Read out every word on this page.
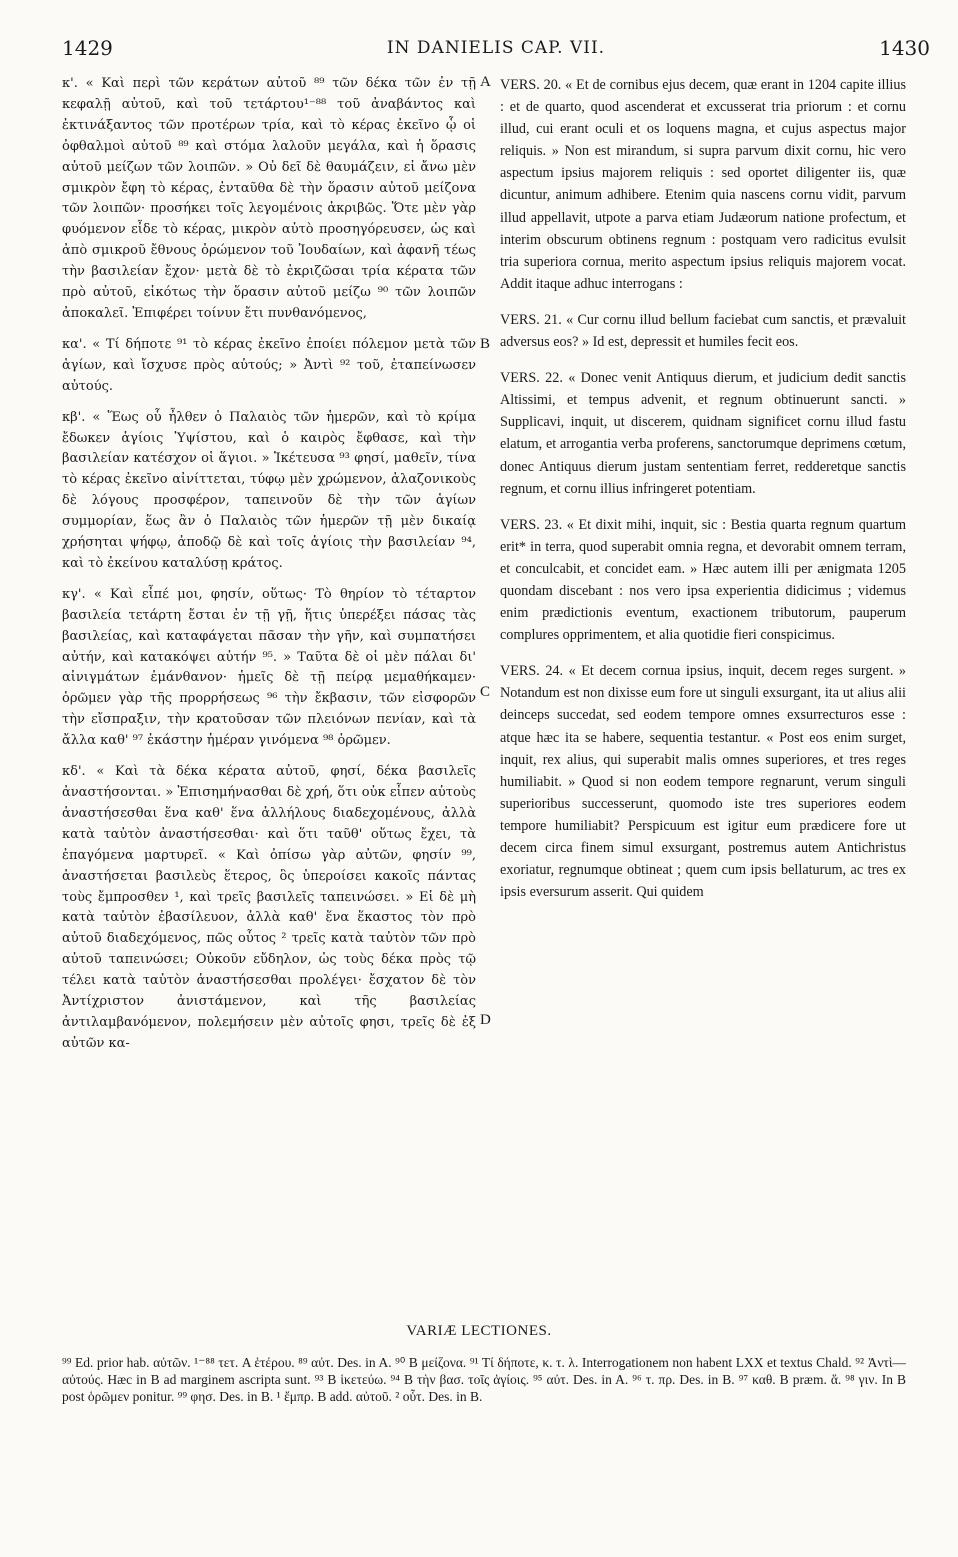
1429	IN DANIELIS CAP. VII.	1430

κ'. « Καὶ περὶ τῶν κεράτων αὐτοῦ ⁸⁹ τῶν δέκα τῶν ἐν τῇ κεφαλῇ αὐτοῦ, καὶ τοῦ τετάρτου¹⁻⁸⁸ τοῦ ἀναβάντος καὶ ἐκτινάξαντος τῶν προτέρων τρία, καὶ τὸ κέρας ἐκεῖνο ᾧ οἱ ὀφθαλμοὶ αὐτοῦ ⁸⁹ καὶ στόμα λαλοῦν μεγάλα, καὶ ἡ ὅρασις αὐτοῦ μείζων τῶν λοιπῶν. » Οὐ δεῖ δὲ θαυμάζειν, εἰ ἄνω μὲν σμικρὸν ἔφη τὸ κέρας, ἐνταῦθα δὲ τὴν ὅρασιν αὐτοῦ μείζονα τῶν λοιπῶν· προσήκει τοῖς λεγομένοις ἀκριβῶς. Ὅτε μὲν γὰρ φυόμενον εἶδε τὸ κέρας, μικρὸν αὐτὸ προσηγόρευσεν, ὡς καὶ ἀπὸ σμικροῦ ἔθνους ὁρώμενον τοῦ Ἰουδαίων, καὶ ἀφανῆ τέως τὴν βασιλείαν ἔχον· μετὰ δὲ τὸ ἐκριζῶσαι τρία κέρατα τῶν πρὸ αὐτοῦ, εἰκότως τὴν ὅρασιν αὐτοῦ μείζω ⁹⁰ τῶν λοιπῶν ἀποκαλεῖ. Ἐπιφέρει τοίνυν ἔτι πυνθανόμενος,

κα'. « Τί δήποτε ⁹¹ τὸ κέρας ἐκεῖνο ἐποίει πόλεμον μετὰ τῶν ἁγίων, καὶ ἴσχυσε πρὸς αὐτούς; » Ἀντὶ ⁹² τοῦ, ἐταπείνωσεν αὐτούς.

κβ'. « Ἕως οὗ ἦλθεν ὁ Παλαιὸς τῶν ἡμερῶν, καὶ τὸ κρίμα ἔδωκεν ἁγίοις Ὑψίστου, καὶ ὁ καιρὸς ἔφθασε, καὶ τὴν βασιλείαν κατέσχον οἱ ἅγιοι. » Ἱκέτευσα ⁹³ φησί, μαθεῖν, τίνα τὸ κέρας ἐκεῖνο αἰνίττεται, τύφῳ μὲν χρώμενον, ἀλαζονικοὺς δὲ λόγους προσφέρον, ταπεινοῦν δὲ τὴν τῶν ἁγίων συμμορίαν, ἕως ἂν ὁ Παλαιὸς τῶν ἡμερῶν τῇ μὲν δικαίᾳ χρήσηται ψήφῳ, ἀποδῷ δὲ καὶ τοῖς ἁγίοις τὴν βασιλείαν ⁹⁴, καὶ τὸ ἐκείνου καταλύσῃ κράτος.

κγ'. « Καὶ εἶπέ μοι, φησίν, οὕτως· Τὸ θηρίον τὸ τέταρτον βασιλεία τετάρτη ἔσται ἐν τῇ γῇ, ἥτις ὑπερέξει πάσας τὰς βασιλείας, καὶ καταφάγεται πᾶσαν τὴν γῆν, καὶ συμπατήσει αὐτήν, καὶ κατακόψει αὐτήν ⁹⁵. » Ταῦτα δὲ οἱ μὲν πάλαι δι' αἰνιγμάτων ἐμάνθανον· ἡμεῖς δὲ τῇ πείρᾳ μεμαθήκαμεν· ὁρῶμεν γὰρ τῆς προρρήσεως ⁹⁶ τὴν ἔκβασιν, τῶν εἰσφορῶν τὴν εἴσπραξιν, τὴν κρατοῦσαν τῶν πλειόνων πενίαν, καὶ τὰ ἄλλα καθ' ⁹⁷ ἑκάστην ἡμέραν γινόμενα ⁹⁸ ὁρῶμεν.

κδ'. « Καὶ τὰ δέκα κέρατα αὐτοῦ, φησί, δέκα βασιλεῖς ἀναστήσονται. » Ἐπισημήνασθαι δὲ χρή, ὅτι οὐκ εἶπεν αὐτοὺς ἀναστήσεσθαι ἕνα καθ' ἕνα ἀλλήλους διαδεχομένους, ἀλλὰ κατὰ ταὐτὸν ἀναστήσεσθαι· καὶ ὅτι ταῦθ' οὕτως ἔχει, τὰ ἐπαγόμενα μαρτυρεῖ. « Καὶ ὀπίσω γὰρ αὐτῶν, φησίν ⁹⁹, ἀναστήσεται βασιλεὺς ἕτερος, ὃς ὑπεροίσει κακοῖς πάντας τοὺς ἔμπροσθεν ¹, καὶ τρεῖς βασιλεῖς ταπεινώσει. » Εἰ δὲ μὴ κατὰ ταὐτὸν ἐβασίλευον, ἀλλὰ καθ' ἕνα ἕκαστος τὸν πρὸ αὐτοῦ διαδεχόμενος, πῶς οὗτος ² τρεῖς κατὰ ταὐτὸν τῶν πρὸ αὐτοῦ ταπεινώσει; Οὐκοῦν εὔδηλον, ὡς τοὺς δέκα πρὸς τῷ τέλει κατὰ ταὐτὸν ἀναστήσεσθαι προλέγει· ἔσχατον δὲ τὸν Ἀντίχριστον ἀνιστάμενον, καὶ τῆς βασιλείας ἀντιλαμβανόμενον, πολεμήσειν μὲν αὐτοῖς φησι, τρεῖς δὲ ἐξ αὐτῶν κα-

A
B
C
D

VERS. 20. « Et de cornibus ejus decem, quæ erant in 1204 capite illius : et de quarto, quod ascenderat et excusserat tria priorum : et cornu illud, cui erant oculi et os loquens magna, et cujus aspectus major reliquis. » Non est mirandum, si supra parvum dixit cornu, hic vero aspectum ipsius majorem reliquis : sed oportet diligenter iis, quæ dicuntur, animum adhibere. Etenim quia nascens cornu vidit, parvum illud appellavit, utpote a parva etiam Judæorum natione profectum, et interim obscurum obtinens regnum : postquam vero radicitus evulsit tria superiora cornua, merito aspectum ipsius reliquis majorem vocat. Addit itaque adhuc interrogans :

VERS. 21. « Cur cornu illud bellum faciebat cum sanctis, et prævaluit adversus eos? » Id est, depressit et humiles fecit eos.

VERS. 22. « Donec venit Antiquus dierum, et judicium dedit sanctis Altissimi, et tempus advenit, et regnum obtinuerunt sancti. » Supplicavi, inquit, ut discerem, quidnam significet cornu illud fastu elatum, et arrogantia verba proferens, sanctorumque deprimens cœtum, donec Antiquus dierum justam sententiam ferret, redderetque sanctis regnum, et cornu illius infringeret potentiam.

VERS. 23. « Et dixit mihi, inquit, sic : Bestia quarta regnum quartum erit* in terra, quod superabit omnia regna, et devorabit omnem terram, et conculcabit, et concidet eam. » Hæc autem illi per ænigmata 1205 quondam discebant : nos vero ipsa experientia didicimus ; videmus enim prædictionis eventum, exactionem tributorum, pauperum complures opprimentem, et alia quotidie fieri conspicimus.

VERS. 24. « Et decem cornua ipsius, inquit, decem reges surgent. » Notandum est non dixisse eum fore ut singuli exsurgant, ita ut alius alii deinceps succedat, sed eodem tempore omnes exsurrecturos esse : atque hæc ita se habere, sequentia testantur. « Post eos enim surget, inquit, rex alius, qui superabit malis omnes superiores, et tres reges humiliabit. » Quod si non eodem tempore regnarunt, verum singuli superioribus successerunt, quomodo iste tres superiores eodem tempore humiliabit? Perspicuum est igitur eum prædicere fore ut decem circa finem simul exsurgant, postremus autem Antichristus exoriatur, regnumque obtineat ; quem cum ipsis bellaturum, ac tres ex ipsis eversurum asserit. Qui quidem

VARIÆ LECTIONES.
⁹⁹ Ed. prior hab. αὐτῶν. ¹⁻⁸⁸ τετ. A ἑτέρου. ⁸⁹ αὐτ. Des. in A. ⁹⁰ B μείζονα. ⁹¹ Τί δήποτε, κ. τ. λ. Interrogationem non habent LXX et textus Chald. ⁹² Ἀντὶ—αὐτούς. Hæc in B ad marginem ascripta sunt. ⁹³ B ἱκετεύω. ⁹⁴ B τὴν βασ. τοῖς ἁγίοις. ⁹⁵ αὐτ. Des. in A. ⁹⁶ τ. πρ. Des. in B. ⁹⁷ καθ. B præm. ἅ. ⁹⁸ γιν. In B post ὁρῶμεν ponitur. ⁹⁹ φησ. Des. in B. ¹ ἔμπρ. B add. αὐτοῦ. ² οὗτ. Des. in B.
